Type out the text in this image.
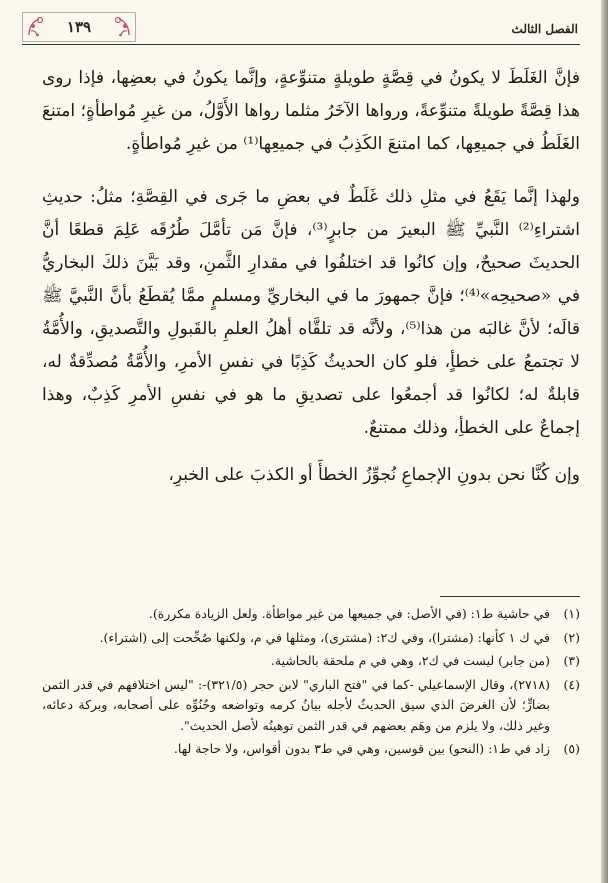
الفصل الثالث
١٣٩

فإنَّ الغَلَطَ لا يكونُ في قِصَّةٍ طويلةٍ متنوِّعةٍ، وإنَّما يكونُ في بعضِها، فإذا روى هذا قِصَّةً طويلةً متنوِّعةً، ورواها الآخَرُ مثلما رواها الأَوَّلُ، من غيرِ مُواطأةٍ؛ امتنعَ الغَلَطُ في جميعِها، كما امتنعَ الكَذِبُ في جميعِها⁽¹⁾ من غيرِ مُواطأةٍ.

ولهذا إنَّما يَقَعُ في مثلِ ذلك غَلَطٌ في بعضِ ما جَرى في القِصَّةِ؛ مثلُ: حديثِ اشتراءِ⁽²⁾ النَّبيِّ ﷺ البعيرَ من جابرٍ⁽³⁾، فإنَّ مَن تأمَّلَ طُرُقَه عَلِمَ قطعًا أنَّ الحديثَ صحيحٌ، وإن كانُوا قد اختلفُوا في مقدارِ الثَّمنِ، وقد بَيَّنَ ذلكَ البخاريُّ في «صحيحِه»⁽⁴⁾؛ فإنَّ جمهورَ ما في البخاريِّ ومسلمٍ ممَّا يُقطَعُ بأنَّ النَّبيَّ ﷺ قالَه؛ لأنَّ غالبَه من هذا⁽⁵⁾، ولأنَّه قد تلقَّاه أهلُ العلمِ بالقَبولِ والتَّصديقِ، والأُمَّةُ لا تجتمعُ على خطأٍ، فلو كان الحديثُ كَذِبًا في نفسِ الأمرِ، والأُمَّةُ مُصدِّقةٌ له، قابلةٌ له؛ لكانُوا قد أجمعُوا على تصديقِ ما هو في نفسِ الأمرِ كَذِبٌ، وهذا إجماعٌ على الخطأِ، وذلك ممتنعٌ.

وإن كُنَّا نحن بدونِ الإجماعِ نُجوِّزُ الخطأَ أو الكذبَ على الخبرِ،

(١)
في حاشية ط١: (في الأصل: في جميعها من غير مواطأة. ولعل الزيادة مكررة).
(٢)
في ك ١ كأنها: (مشترا)، وفي ك٢: (مشترى)، ومثلها في م، ولكنها صُحِّحت إلى (اشتراء).
(٣)
(من جابر) ليست في ك٢، وهي في م ملحقة بالحاشية.
(٤)
(٢٧١٨)، وقال الإسماعيلي -كما في "فتح الباري" لابن حجر (٣٢١/٥)-: "ليس اختلافهم في قدر الثمن بضارٍّ؛ لأن الغرضَ الذي سيق الحديثُ لأجله بيانُ كرمه وتواضعه وحُنُوِّه على أصحابه، وبركة دعائه، وغير ذلك، ولا يلزم من وهَم بعضهم في قدر الثمن توهينُه لأصل الحديث".
(٥)
زاد في ط١: (النحو) بين قوسين، وهي في ط٣ بدون أقواس، ولا حاجة لها.
